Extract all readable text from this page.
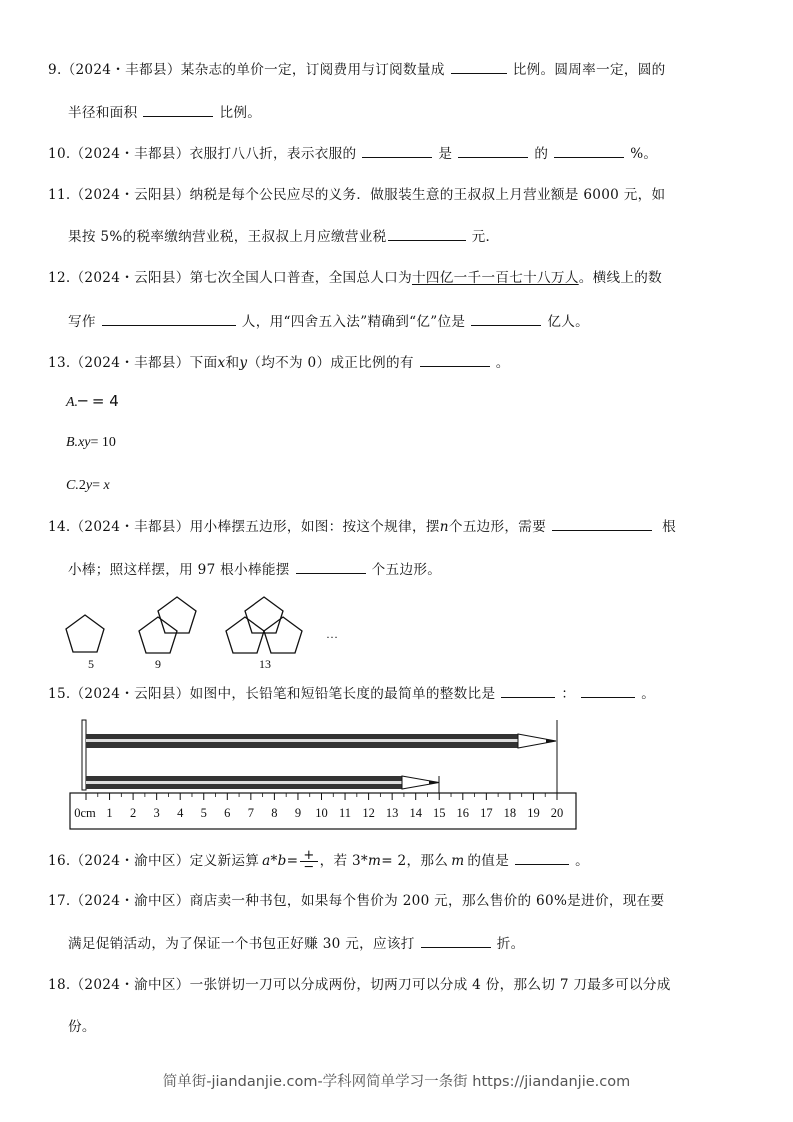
9.（2024・丰都县）某杂志的单价一定，订阅费用与订阅数量成	比例。圆周率一定，圆的
半径和面积	比例。
10.（2024・丰都县）衣服打八八折，表示衣服的	是	的	%。
11.（2024・云阳县）纳税是每个公民应尽的义务．做服装生意的王叔叔上月营业额是 6000 元，如
果按 5%的税率缴纳营业税，王叔叔上月应缴营业税	元．
12.（2024・云阳县）第七次全国人口普查，全国总人口为十四亿一千一百七十八万人。横线上的数
写作	人，用“四舍五入法”精确到“亿”位是	亿人。
13.（2024・丰都县）下面x和y（均不为 0）成正比例的有	。
A.─ = 4
B.xy= 10
C.2y= x
14.（2024・丰都县）用小棒摆五边形，如图：按这个规律，摆n个五边形，需要	根
小棒；照这样摆，用 97 根小棒能摆	个五边形。
5	9	13
…
15.（2024・云阳县）如图中，长铅笔和短铅笔长度的最简单的整数比是	：	。
0cm 1 2 3 4 5 6 7 8 9 10 11 12 13 14 15 16 17 18 19 20
16.（2024・渝中区）定义新运算 $a*b= \frac{+}{─}$ ，若 3*m= 2，那么 m 的值是	。
17.（2024・渝中区）商店卖一种书包，如果每个售价为 200 元，那么售价的 60%是进价，现在要
满足促销活动，为了保证一个书包正好赚 30 元，应该打	折。
18.（2024・渝中区）一张饼切一刀可以分成两份，切两刀可以分成 4 份，那么切 7 刀最多可以分成
份。
简单街-jiandanjie.com-学科网简单学习一条街 https://jiandanjie.com
